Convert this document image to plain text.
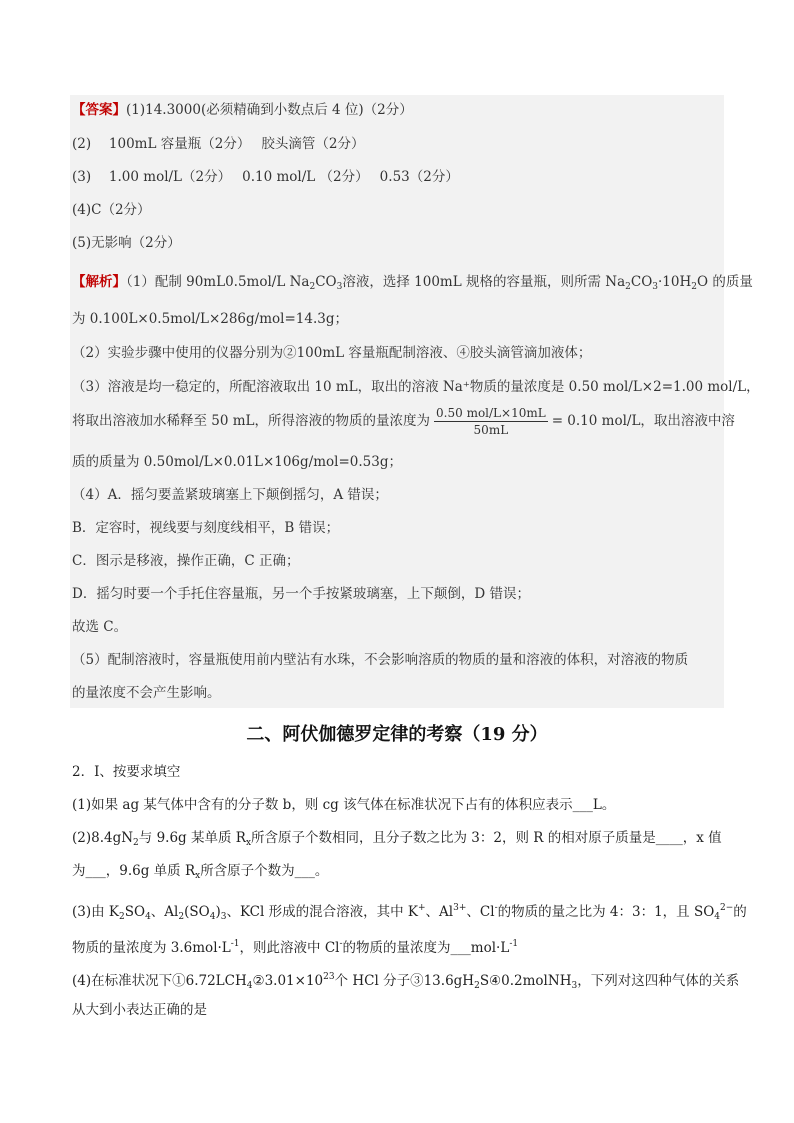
【答案】(1)14.3000(必须精确到小数点后 4 位)（2分）
(2)　 100mL 容量瓶（2分）　 胶头滴管（2分）
(3)　 1.00 mol/L（2分）　 0.10 mol/L （2分）　 0.53（2分）
(4)C（2分）
(5)无影响（2分）
【解析】（1）配制 90mL0.5mol/L $Na_2CO_3$溶液，选择 100mL 规格的容量瓶，则所需 $Na_2CO_3\cdot 10H_2O$ 的质量
为 0.100L×0.5mol/L×286g/mol=14.3g；
（2）实验步骤中使用的仪器分别为②100mL 容量瓶配制溶液、④胶头滴管滴加液体；
（3）溶液是均一稳定的，所配溶液取出 10 mL，取出的溶液 Na⁺物质的量浓度是 0.50 mol/L×2=1.00 mol/L，
将取出溶液加水稀释至 50 mL，所得溶液的物质的量浓度为 $\frac{\text{0.50 mol/L×10mL}}{50mL} = 0.10$ mol/L，取出溶液中溶
质的质量为 0.50mol/L×0.01L×106g/mol=0.53g；
（4）A．摇匀要盖紧玻璃塞上下颠倒摇匀，A 错误；
B．定容时，视线要与刻度线相平，B 错误；
C．图示是移液，操作正确，C 正确；
D．摇匀时要一个手托住容量瓶，另一个手按紧玻璃塞，上下颠倒，D 错误；
故选 C。
（5）配制溶液时，容量瓶使用前内壁沾有水珠，不会影响溶质的物质的量和溶液的体积，对溶液的物质
的量浓度不会产生影响。
二、阿伏伽德罗定律的考察（19 分）
2．I、按要求填空
(1)如果 ag 某气体中含有的分子数 b，则 cg 该气体在标准状况下占有的体积应表示___L。
$(2)8.4gN_2$与 9.6g 某单质 $R_x$所含原子个数相同，且分子数之比为 3：2，则 R 的相对原子质量是____，x 值
为___，9.6g 单质 $R_x$所含原子个数为___。
(3)由 $K_2SO_4$、$Al_2(SO_4)_3$、KCl 形成的混合溶液，其中 K+、$Al^{3+}$、Cl-的物质的量之比为 4：3：1，且 $SO_4^{2-}$的
物质的量浓度为 $3.6mol\cdot L^{-1}$，则此溶液中 Cl-的物质的量浓度为$\_\_\_mol\cdot L^{-1}$
(4)在标准状况下$①6.72LCH_4②3.01\times 10^{23}$个 HCl 分子$③13.6gH_2S④0.2molNH_3$，下列对这四种气体的关系
从大到小表达正确的是
